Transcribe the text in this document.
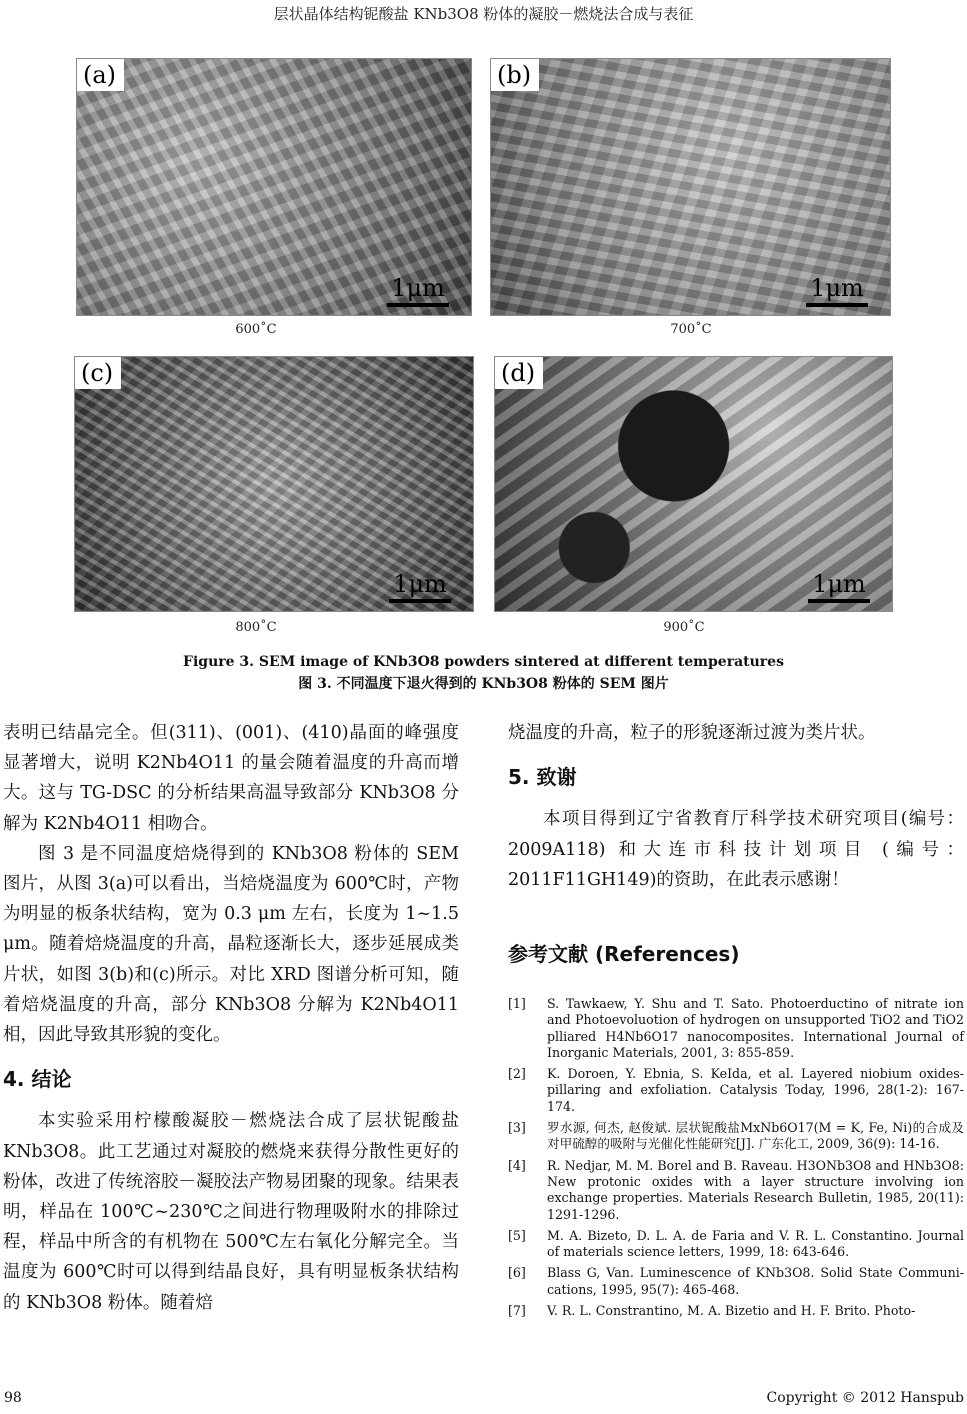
层状晶体结构铌酸盐 KNb3O8 粉体的凝胶－燃烧法合成与表征
(a)
1μm
(b)
1μm
600˚C	700˚C
(c)
1μm
(d)
1μm
800˚C	900˚C
Figure 3. SEM image of KNb3O8 powders sintered at different temperatures
图 3. 不同温度下退火得到的 KNb3O8 粉体的 SEM 图片

表明已结晶完全。但(311)、(001)、(410)晶面的峰强度显著增大，说明 K2Nb4O11 的量会随着温度的升高而增大。这与 TG-DSC 的分析结果高温导致部分 KNb3O8 分解为 K2Nb4O11 相吻合。

图 3 是不同温度焙烧得到的 KNb3O8 粉体的 SEM 图片，从图 3(a)可以看出，当焙烧温度为 600℃时，产物为明显的板条状结构，宽为 0.3 μm 左右，长度为 1~1.5 μm。随着焙烧温度的升高，晶粒逐渐长大，逐步延展成类片状，如图 3(b)和(c)所示。对比 XRD 图谱分析可知，随着焙烧温度的升高，部分 KNb3O8 分解为 K2Nb4O11 相，因此导致其形貌的变化。

4. 结论

本实验采用柠檬酸凝胶－燃烧法合成了层状铌酸盐 KNb3O8。此工艺通过对凝胶的燃烧来获得分散性更好的粉体，改进了传统溶胶－凝胶法产物易团聚的现象。结果表明，样品在 100℃~230℃之间进行物理吸附水的排除过程，样品中所含的有机物在 500℃左右氧化分解完全。当温度为 600℃时可以得到结晶良好，具有明显板条状结构的 KNb3O8 粉体。随着焙

烧温度的升高，粒子的形貌逐渐过渡为类片状。

5. 致谢

本项目得到辽宁省教育厅科学技术研究项目(编号：2009A118) 和大连市科技计划项目 (编号：2011F11GH149)的资助，在此表示感谢！

参考文献 (References)

[1]	S. Tawkaew, Y. Shu and T. Sato. Photoerductino of nitrate ion and Photoevoluotion of hydrogen on unsupported TiO2 and TiO2 plliared H4Nb6O17 nanocomposites. International Journal of Inorganic Materials, 2001, 3: 855-859.
[2]	K. Doroen, Y. Ebnia, S. KeIda, et al. Layered niobium oxides-pillaring and exfoliation. Catalysis Today, 1996, 28(1-2): 167-174.
[3]	罗水源, 何杰, 赵俊斌. 层状铌酸盐MxNb6O17(M = K, Fe, Ni)的合成及对甲硫醇的吸附与光催化性能研究[J]. 广东化工, 2009, 36(9): 14-16.
[4]	R. Nedjar, M. M. Borel and B. Raveau. H3ONb3O8 and HNb3O8: New protonic oxides with a layer structure involving ion exchange properties. Materials Research Bulletin, 1985, 20(11): 1291-1296.
[5]	M. A. Bizeto, D. L. A. de Faria and V. R. L. Constantino. Journal of materials science letters, 1999, 18: 643-646.
[6]	Blass G, Van. Luminescence of KNb3O8. Solid State Communi-cations, 1995, 95(7): 465-468.
[7]	V. R. L. Constrantino, M. A. Bizetio and H. F. Brito. Photo-
98	Copyright © 2012 Hanspub
